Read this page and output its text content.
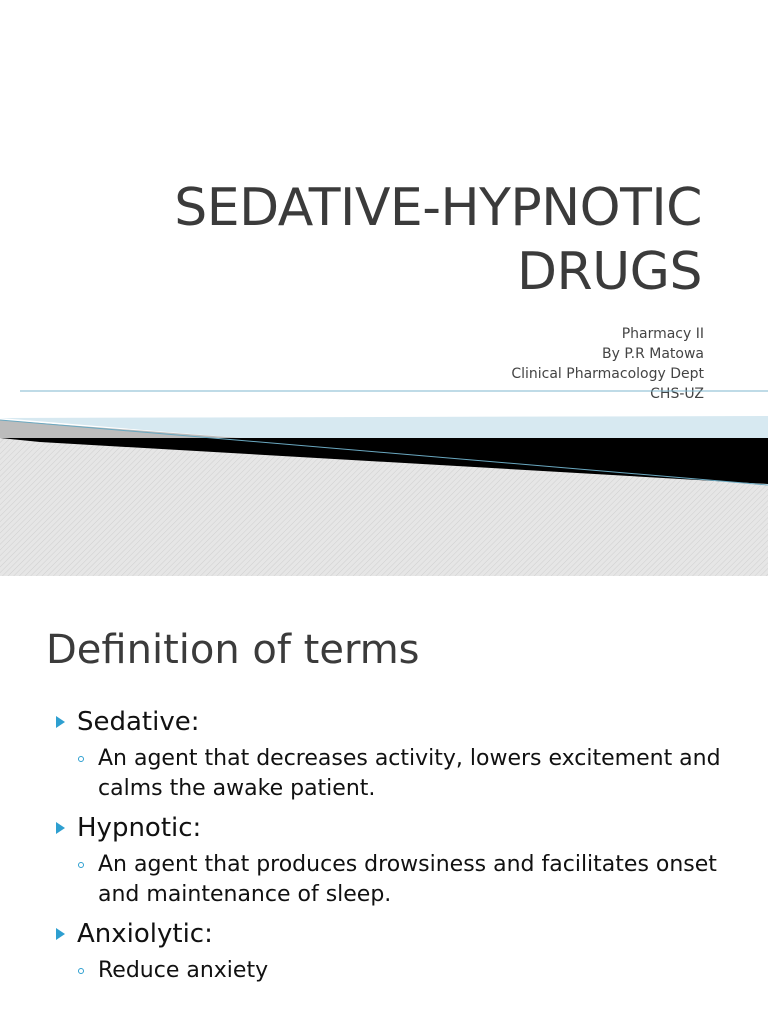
SEDATIVE-HYPNOTIC
DRUGS
Pharmacy II
By P.R Matowa
Clinical Pharmacology Dept
CHS-UZ
Definition of terms
Sedative:
An agent that decreases activity, lowers excitement and calms the awake patient.
Hypnotic:
An agent that produces drowsiness and facilitates onset and maintenance of sleep.
Anxiolytic:
Reduce anxiety
